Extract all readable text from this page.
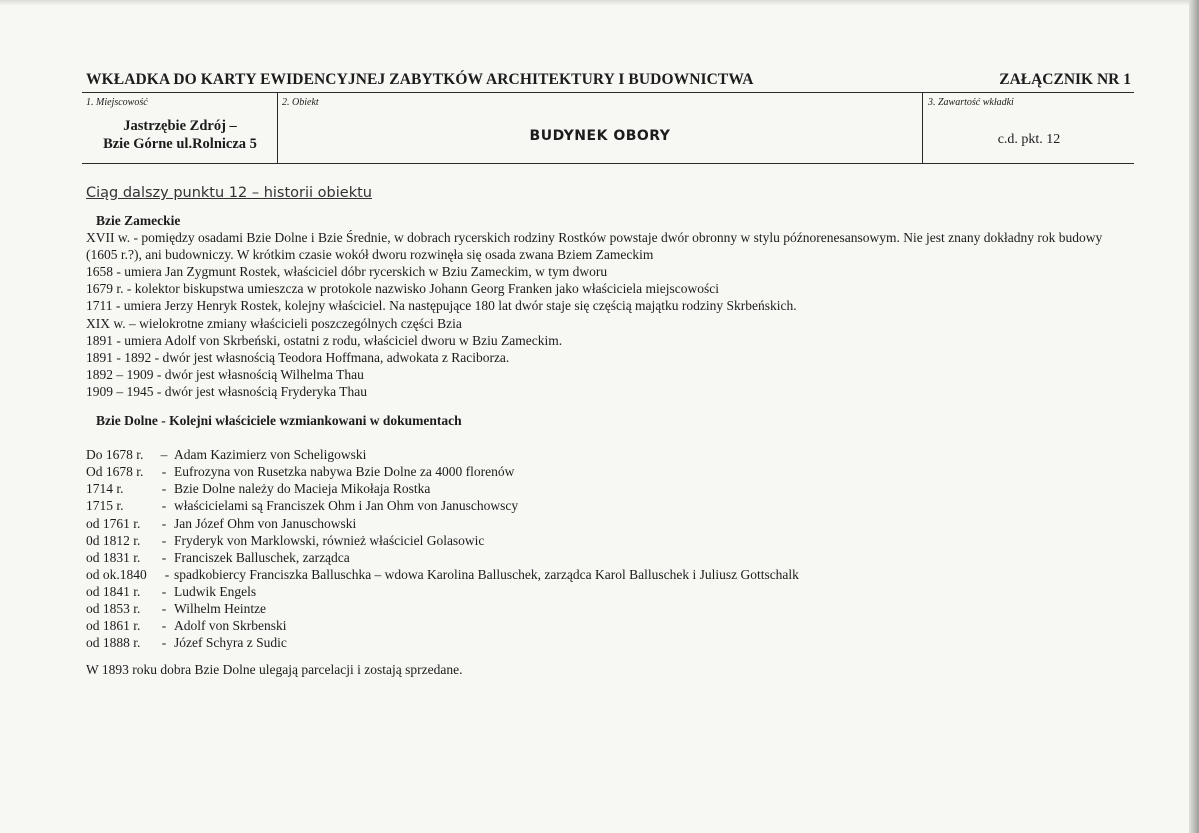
WKŁADKA DO KARTY EWIDENCYJNEJ ZABYTKÓW ARCHITEKTURY I BUDOWNICTWA	ZAŁĄCZNIK NR 1
1. Miejscowość
Jastrzębie Zdrój –
Bzie Górne ul.Rolnicza 5
2. Obiekt
BUDYNEK OBORY
3. Zawartość wkładki
c.d. pkt. 12
Ciąg dalszy punktu 12 – historii obiektu
Bzie Zameckie
XVII w. - pomiędzy osadami Bzie Dolne i Bzie Średnie, w dobrach rycerskich rodziny Rostków powstaje dwór obronny w stylu późnorenesansowym. Nie jest znany dokładny rok budowy (1605 r.?), ani budowniczy. W krótkim czasie wokół dworu rozwinęła się osada zwana Bziem Zameckim
1658 - umiera Jan Zygmunt Rostek, właściciel dóbr rycerskich w Bziu Zameckim, w tym dworu
1679 r. - kolektor biskupstwa umieszcza w protokole nazwisko Johann Georg Franken jako właściciela miejscowości
1711 - umiera Jerzy Henryk Rostek, kolejny właściciel. Na następujące 180 lat dwór staje się częścią majątku rodziny Skrbeńskich.
XIX w. – wielokrotne zmiany właścicieli poszczególnych części Bzia
1891 - umiera Adolf von Skrbeński, ostatni z rodu, właściciel dworu w Bziu Zameckim.
1891 - 1892 - dwór jest własnością Teodora Hoffmana, adwokata z Raciborza.
1892 – 1909 - dwór jest własnością Wilhelma Thau
1909 – 1945 - dwór jest własnością Fryderyka Thau
Bzie Dolne - Kolejni właściciele wzmiankowani w dokumentach
Do 1678 r.	– Adam Kazimierz von Scheligowski
Od 1678 r.	- Eufrozyna von Rusetzka nabywa Bzie Dolne za 4000 florenów
1714 r.	- Bzie Dolne należy do Macieja Mikołaja Rostka
1715 r.	- właścicielami są Franciszek Ohm i Jan Ohm von Januschowscy
od 1761 r.	- Jan Józef Ohm von Januschowski
0d 1812 r.	- Fryderyk von Marklowski, również właściciel Golasowic
od 1831 r.	- Franciszek Balluschek, zarządca
od ok.1840	- spadkobiercy Franciszka Balluschka – wdowa Karolina Balluschek, zarządca Karol Balluschek i Juliusz Gottschalk
od 1841 r.	- Ludwik Engels
od 1853 r.	- Wilhelm Heintze
od 1861 r.	- Adolf von Skrbenski
od 1888 r.	- Józef Schyra z Sudic
W 1893 roku dobra Bzie Dolne ulegają parcelacji i zostają sprzedane.
